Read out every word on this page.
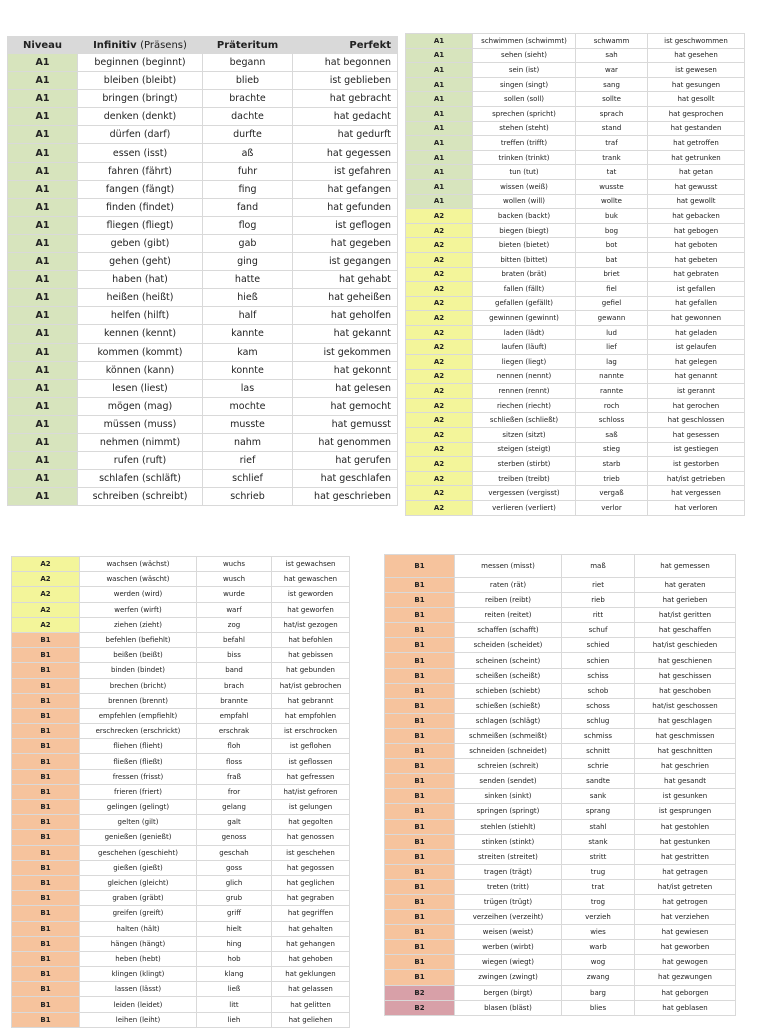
Niveau	Infinitiv (Präsens)	Präteritum	Perfekt
A1	beginnen (beginnt)	begann	hat begonnen
A1	bleiben (bleibt)	blieb	ist geblieben
A1	bringen (bringt)	brachte	hat gebracht
A1	denken (denkt)	dachte	hat gedacht
A1	dürfen (darf)	durfte	hat gedurft
A1	essen (isst)	aß	hat gegessen
A1	fahren (fährt)	fuhr	ist gefahren
A1	fangen (fängt)	fing	hat gefangen
A1	finden (findet)	fand	hat gefunden
A1	fliegen (fliegt)	flog	ist geflogen
A1	geben (gibt)	gab	hat gegeben
A1	gehen (geht)	ging	ist gegangen
A1	haben (hat)	hatte	hat gehabt
A1	heißen (heißt)	hieß	hat geheißen
A1	helfen (hilft)	half	hat geholfen
A1	kennen (kennt)	kannte	hat gekannt
A1	kommen (kommt)	kam	ist gekommen
A1	können (kann)	konnte	hat gekonnt
A1	lesen (liest)	las	hat gelesen
A1	mögen (mag)	mochte	hat gemocht
A1	müssen (muss)	musste	hat gemusst
A1	nehmen (nimmt)	nahm	hat genommen
A1	rufen (ruft)	rief	hat gerufen
A1	schlafen (schläft)	schlief	hat geschlafen
A1	schreiben (schreibt)	schrieb	hat geschrieben
A1	schwimmen (schwimmt)	schwamm	ist geschwommen
A1	sehen (sieht)	sah	hat gesehen
A1	sein (ist)	war	ist gewesen
A1	singen (singt)	sang	hat gesungen
A1	sollen (soll)	sollte	hat gesollt
A1	sprechen (spricht)	sprach	hat gesprochen
A1	stehen (steht)	stand	hat gestanden
A1	treffen (trifft)	traf	hat getroffen
A1	trinken (trinkt)	trank	hat getrunken
A1	tun (tut)	tat	hat getan
A1	wissen (weiß)	wusste	hat gewusst
A1	wollen (will)	wollte	hat gewollt
A2	backen (backt)	buk	hat gebacken
A2	biegen (biegt)	bog	hat gebogen
A2	bieten (bietet)	bot	hat geboten
A2	bitten (bittet)	bat	hat gebeten
A2	braten (brät)	briet	hat gebraten
A2	fallen (fällt)	fiel	ist gefallen
A2	gefallen (gefällt)	gefiel	hat gefallen
A2	gewinnen (gewinnt)	gewann	hat gewonnen
A2	laden (lädt)	lud	hat geladen
A2	laufen (läuft)	lief	ist gelaufen
A2	liegen (liegt)	lag	hat gelegen
A2	nennen (nennt)	nannte	hat genannt
A2	rennen (rennt)	rannte	ist gerannt
A2	riechen (riecht)	roch	hat gerochen
A2	schließen (schließt)	schloss	hat geschlossen
A2	sitzen (sitzt)	saß	hat gesessen
A2	steigen (steigt)	stieg	ist gestiegen
A2	sterben (stirbt)	starb	ist gestorben
A2	treiben (treibt)	trieb	hat/ist getrieben
A2	vergessen (vergisst)	vergaß	hat vergessen
A2	verlieren (verliert)	verlor	hat verloren
A2	wachsen (wächst)	wuchs	ist gewachsen
A2	waschen (wäscht)	wusch	hat gewaschen
A2	werden (wird)	wurde	ist geworden
A2	werfen (wirft)	warf	hat geworfen
A2	ziehen (zieht)	zog	hat/ist gezogen
B1	befehlen (befiehlt)	befahl	hat befohlen
B1	beißen (beißt)	biss	hat gebissen
B1	binden (bindet)	band	hat gebunden
B1	brechen (bricht)	brach	hat/ist gebrochen
B1	brennen (brennt)	brannte	hat gebrannt
B1	empfehlen (empfiehlt)	empfahl	hat empfohlen
B1	erschrecken (erschrickt)	erschrak	ist erschrocken
B1	fliehen (flieht)	floh	ist geflohen
B1	fließen (fließt)	floss	ist geflossen
B1	fressen (frisst)	fraß	hat gefressen
B1	frieren (friert)	fror	hat/ist gefroren
B1	gelingen (gelingt)	gelang	ist gelungen
B1	gelten (gilt)	galt	hat gegolten
B1	genießen (genießt)	genoss	hat genossen
B1	geschehen (geschieht)	geschah	ist geschehen
B1	gießen (gießt)	goss	hat gegossen
B1	gleichen (gleicht)	glich	hat geglichen
B1	graben (gräbt)	grub	hat gegraben
B1	greifen (greift)	griff	hat gegriffen
B1	halten (hält)	hielt	hat gehalten
B1	hängen (hängt)	hing	hat gehangen
B1	heben (hebt)	hob	hat gehoben
B1	klingen (klingt)	klang	hat geklungen
B1	lassen (lässt)	ließ	hat gelassen
B1	leiden (leidet)	litt	hat gelitten
B1	leihen (leiht)	lieh	hat geliehen
B1	messen (misst)	maß	hat gemessen
B1	raten (rät)	riet	hat geraten
B1	reiben (reibt)	rieb	hat gerieben
B1	reiten (reitet)	ritt	hat/ist geritten
B1	schaffen (schafft)	schuf	hat geschaffen
B1	scheiden (scheidet)	schied	hat/ist geschieden
B1	scheinen (scheint)	schien	hat geschienen
B1	scheißen (scheißt)	schiss	hat geschissen
B1	schieben (schiebt)	schob	hat geschoben
B1	schießen (schießt)	schoss	hat/ist geschossen
B1	schlagen (schlägt)	schlug	hat geschlagen
B1	schmeißen (schmeißt)	schmiss	hat geschmissen
B1	schneiden (schneidet)	schnitt	hat geschnitten
B1	schreien (schreit)	schrie	hat geschrien
B1	senden (sendet)	sandte	hat gesandt
B1	sinken (sinkt)	sank	ist gesunken
B1	springen (springt)	sprang	ist gesprungen
B1	stehlen (stiehlt)	stahl	hat gestohlen
B1	stinken (stinkt)	stank	hat gestunken
B1	streiten (streitet)	stritt	hat gestritten
B1	tragen (trägt)	trug	hat getragen
B1	treten (tritt)	trat	hat/ist getreten
B1	trügen (trügt)	trog	hat getrogen
B1	verzeihen (verzeiht)	verzieh	hat verziehen
B1	weisen (weist)	wies	hat gewiesen
B1	werben (wirbt)	warb	hat geworben
B1	wiegen (wiegt)	wog	hat gewogen
B1	zwingen (zwingt)	zwang	hat gezwungen
B2	bergen (birgt)	barg	hat geborgen
B2	blasen (bläst)	blies	hat geblasen
